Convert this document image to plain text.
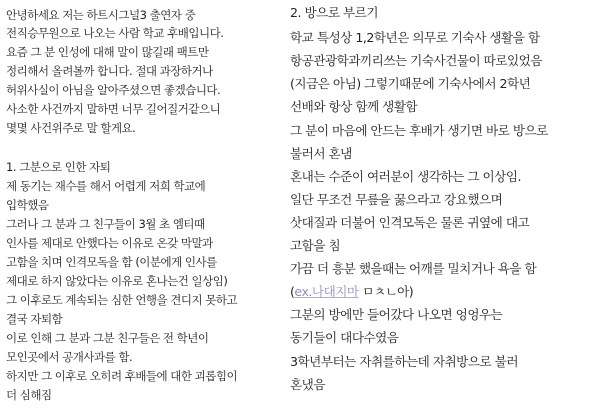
안녕하세요 저는 하트시그널3 출연자 중
전직승무원으로 나오는 사람 학교 후배입니다.
요즘 그 분 인성에 대해 말이 많길래 팩트만
정리해서 올려볼까 합니다. 절대 과장하거나
허위사실이 아님을 알아주셨으면 좋겠습니다.
사소한 사건까지 말하면 너무 길어질거같으니
몇몇 사건위주로 말 할게요.
1. 그분으로 인한 자퇴
제 동기는 재수를 해서 어렵게 저희 학교에
입학했음
그러나 그 분과 그 친구들이 3월 초 엠티때
인사를 제대로 안했다는 이유로 온갖 막말과
고함을 치며 인격모독을 함 (이분에게 인사를
제대로 하지 않았다는 이유로 혼나는건 일상임)
그 이후로도 계속되는 심한 언행을 견디지 못하고
결국 자퇴함
이로 인해 그 분과 그분 친구들은 전 학년이
모인곳에서 공개사과를 함.
하지만 그 이후로 오히려 후배들에 대한 괴롭힘이
더 심해짐
2. 방으로 부르기
학교 특성상 1,2학년은 의무로 기숙사 생활을 함
항공관광학과끼리쓰는 기숙사건물이 따로있었음
(지금은 아님) 그렇기때문에 기숙사에서 2학년
선배와 항상 함께 생활함
그 분이 마음에 안드는 후배가 생기면 바로 방으로
불러서 혼냄
혼내는 수준이 여러분이 생각하는 그 이상임.
일단 무조건 무릎을 꿇으라고 강요했으며
삿대질과 더불어 인격모독은 물론 귀옆에 대고
고함을 침
가끔 더 흥분 했을때는 어깨를 밀치거나 욕을 함
(ex.나대지마 ㅁㅊㄴ아)
그분의 방에만 들어갔다 나오면 엉엉우는
동기들이 대다수였음
3학년부터는 자취를하는데 자취방으로 불러
혼냈음
